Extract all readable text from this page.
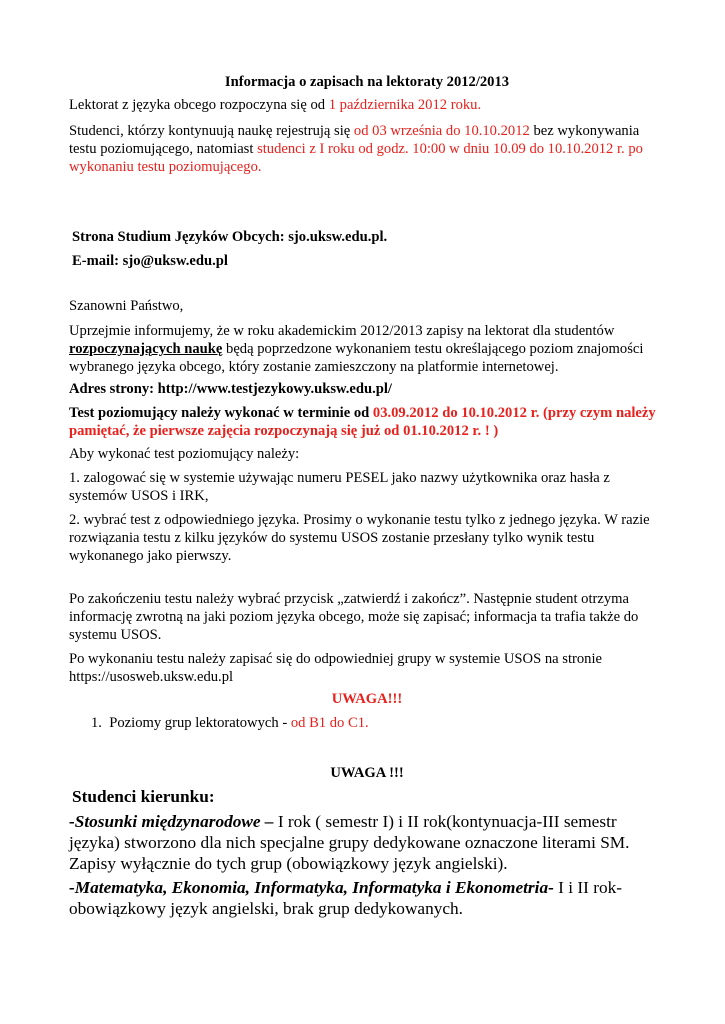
Informacja o zapisach na lektoraty 2012/2013

Lektorat z języka obcego rozpoczyna się od 1 października 2012 roku.

Studenci, którzy kontynuują naukę rejestrują się od 03 września do 10.10.2012 bez wykonywania testu poziomującego, natomiast studenci z I roku od godz. 10:00 w dniu 10.09 do 10.10.2012 r. po wykonaniu testu poziomującego.

Strona Studium Języków Obcych: sjo.uksw.edu.pl.

E-mail: sjo@uksw.edu.pl

Szanowni Państwo,

Uprzejmie informujemy, że w roku akademickim 2012/2013 zapisy na lektorat dla studentów rozpoczynających naukę będą poprzedzone wykonaniem testu określającego poziom znajomości wybranego języka obcego, który zostanie zamieszczony na platformie internetowej.

Adres strony: http://www.testjezykowy.uksw.edu.pl/

Test poziomujący należy wykonać w terminie od 03.09.2012 do 10.10.2012 r. (przy czym należy pamiętać, że pierwsze zajęcia rozpoczynają się już od 01.10.2012 r. ! )

Aby wykonać test poziomujący należy:

1. zalogować się w systemie używając numeru PESEL jako nazwy użytkownika oraz hasła z systemów USOS i IRK,

2. wybrać test z odpowiedniego języka. Prosimy o wykonanie testu tylko z jednego języka. W razie rozwiązania testu z kilku języków do systemu USOS zostanie przesłany tylko wynik testu wykonanego jako pierwszy.

Po zakończeniu testu należy wybrać przycisk „zatwierdź i zakończ”. Następnie student otrzyma informację zwrotną na jaki poziom języka obcego, może się zapisać; informacja ta trafia także do systemu USOS.

Po wykonaniu testu należy zapisać się do odpowiedniej grupy w systemie USOS na stronie https://usosweb.uksw.edu.pl

UWAGA!!!

1. Poziomy grup lektoratowych - od B1 do C1.

UWAGA !!!

Studenci kierunku:

-Stosunki międzynarodowe – I rok ( semestr I) i II rok(kontynuacja-III semestr języka) stworzono dla nich specjalne grupy dedykowane oznaczone literami SM. Zapisy wyłącznie do tych grup (obowiązkowy język angielski).

-Matematyka, Ekonomia, Informatyka, Informatyka i Ekonometria- I i II rok- obowiązkowy język angielski, brak grup dedykowanych.
